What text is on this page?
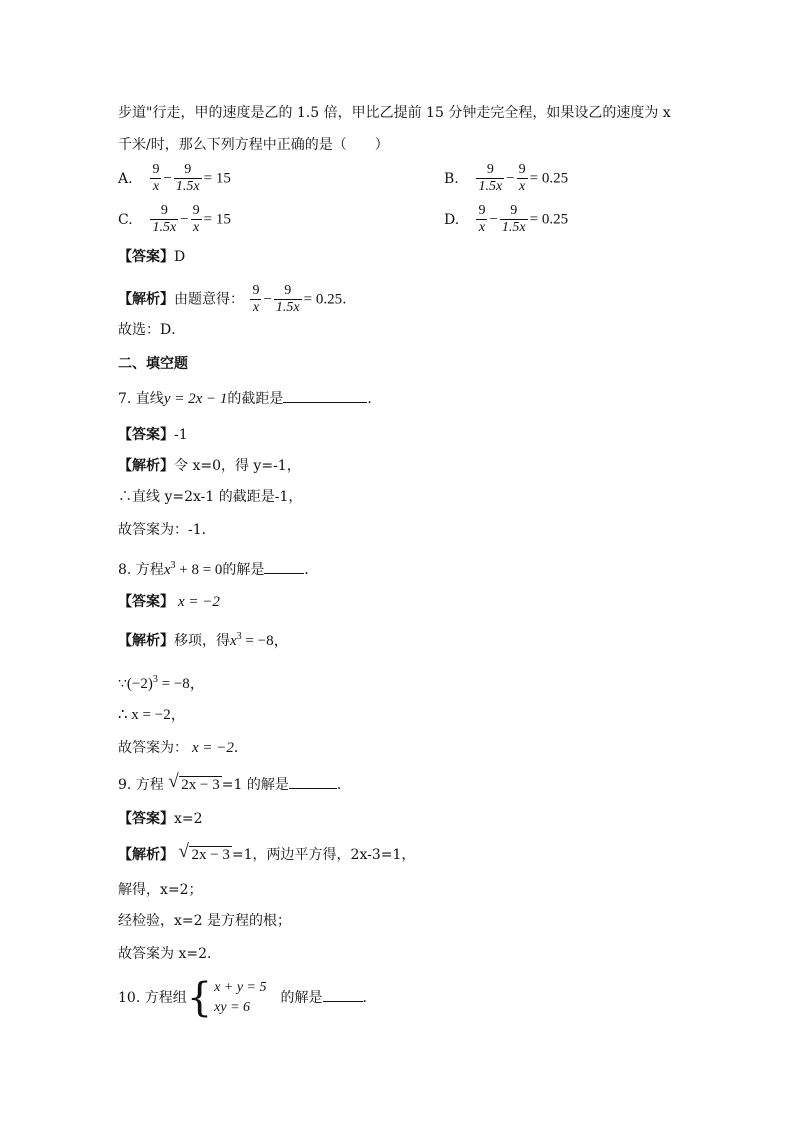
步道"行走，甲的速度是乙的 1.5 倍，甲比乙提前 15 分钟走完全程，如果设乙的速度为 x
千米/时，那么下列方程中正确的是（　　）
A. $\frac{9}{x} - \frac{9}{1.5x} = 15$	B. $\frac{9}{1.5x} - \frac{9}{x} = 0.25$
C. $\frac{9}{1.5x} - \frac{9}{x} = 15$	D. $\frac{9}{x} - \frac{9}{1.5x} = 0.25$
【答案】D
【解析】由题意得： $\frac{9}{x} - \frac{9}{1.5x} = 0.25$.
故选：D．
二、填空题
7. 直线y = 2x − 1的截距是	．
【答案】-1
【解析】令 x=0，得 y=-1，
∴直线 y=2x-1 的截距是-1，
故答案为：-1．
8. 方程$x^3 + 8 = 0$的解是	．
【答案】 x = −2
【解析】移项，得$x^3 = -8$，
$\because(-2)^3 = -8$，
∴ x = −2，
故答案为： x = −2．
9. 方程 √ 2x − 3 =1 的解是	．
【答案】x=2
【解析】 √ 2x − 3 =1，两边平方得，2x-3=1，
解得，x=2；
经检验，x=2 是方程的根；
故答案为 x=2．
10. 方程组 { x + y = 5
xy = 6
的解是	．
